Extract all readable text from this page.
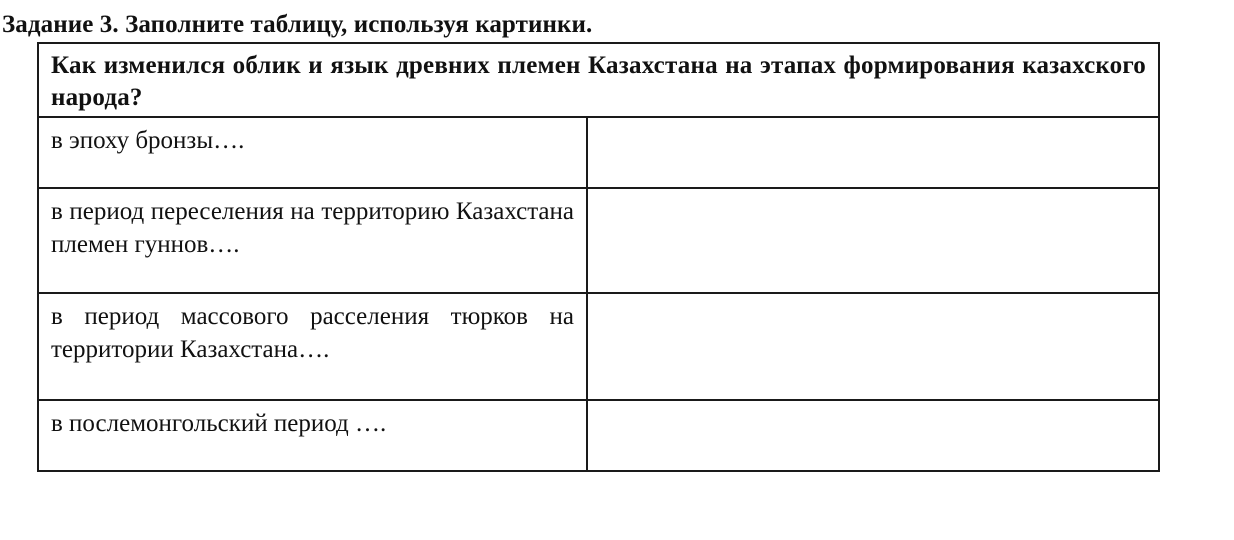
Задание 3. Заполните таблицу, используя картинки.
Как изменился облик и язык древних племен Казахстана на этапах формирования казахского народа?	

в эпоху бронзы….	

в период переселения на территорию Казахстана племен гуннов….	

в период массового расселения тюрков на территории Казахстана….	

в послемонгольский период ….	
